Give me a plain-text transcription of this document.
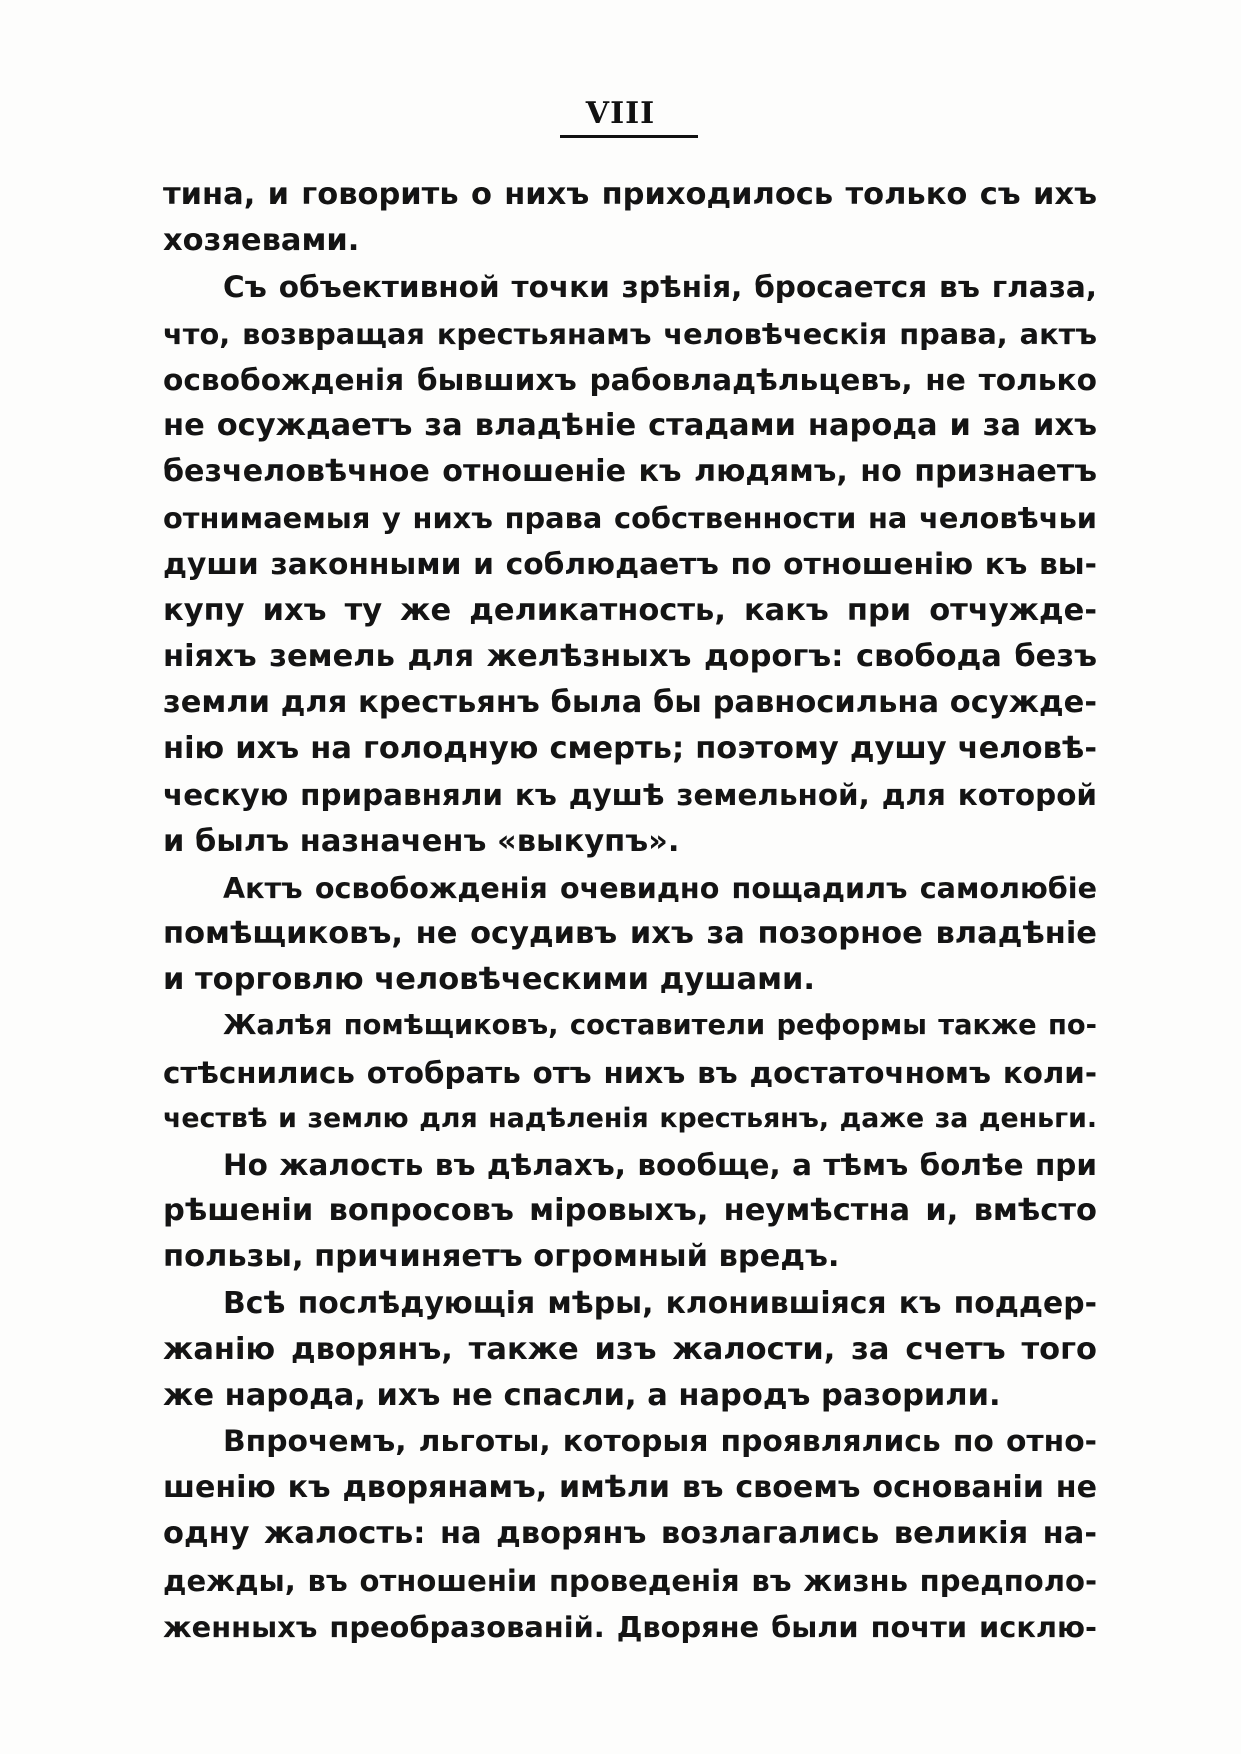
VIII
тина, и говорить о нихъ приходилось только съ ихъ
хозяевами.
Съ объективной точки зрѣнія, бросается въ глаза,
что, возвращая крестьянамъ человѣческія права, актъ
освобожденія бывшихъ рабовладѣльцевъ, не только
не осуждаетъ за владѣніе стадами народа и за ихъ
безчеловѣчное отношеніе къ людямъ, но признаетъ
отнимаемыя у нихъ права собственности на человѣчьи
души законными и соблюдаетъ по отношенію къ вы-
купу ихъ ту же деликатность, какъ при отчужде-
ніяхъ земель для желѣзныхъ дорогъ: свобода безъ
земли для крестьянъ была бы равносильна осужде-
нію ихъ на голодную смерть; поэтому душу человѣ-
ческую приравняли къ душѣ земельной, для которой
и былъ назначенъ «выкупъ».
Актъ освобожденія очевидно пощадилъ самолюбіе
помѣщиковъ, не осудивъ ихъ за позорное владѣніе
и торговлю человѣческими душами.
Жалѣя помѣщиковъ, составители реформы также по-
стѣснились отобрать отъ нихъ въ достаточномъ коли-
чествѣ и землю для надѣленія крестьянъ, даже за деньги.
Но жалость въ дѣлахъ, вообще, а тѣмъ болѣе при
рѣшеніи вопросовъ міровыхъ, неумѣстна и, вмѣсто
пользы, причиняетъ огромный вредъ.
Всѣ послѣдующія мѣры, клонившіяся къ поддер-
жанію дворянъ, также изъ жалости, за счетъ того
же народа, ихъ не спасли, а народъ разорили.
Впрочемъ, льготы, которыя проявлялись по отно-
шенію къ дворянамъ, имѣли въ своемъ основаніи не
одну жалость: на дворянъ возлагались великія на-
дежды, въ отношеніи проведенія въ жизнь предполо-
женныхъ преобразованій. Дворяне были почти исклю-
